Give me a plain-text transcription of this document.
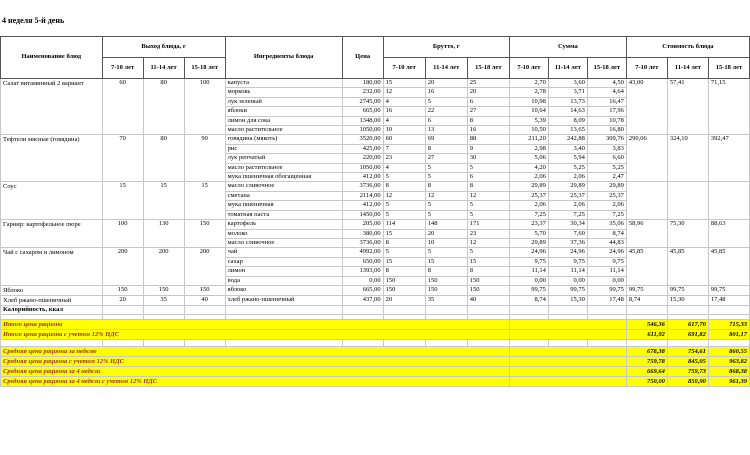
4 неделя 5-й день
Наименование блюд	Выход блюда, г			Ингредиенты блюда	Цена	Брутто, г			Сумма			Стоимость блюда		
	7-10 лет	11-14 лет	15-18 лет			7-10 лет	11-14 лет	15-18 лет	7-10 лет	11-14 лет	15-18 лет	7-10 лет	11-14 лет	15-18 лет
Салат витаминный 2 вариант	60	80	100	капуста	180,00	15	20	25	2,70	3,60	4,50	43,00	57,41	71,15
				морковь	232,00	12	16	20	2,78	3,71	4,64			
				лук зеленый	2745,00	4	5	6	10,98	13,73	16,47			
				яблоки	665,00	16	22	27	10,64	14,63	17,96			
				лимон для сока	1348,00	4	6	8	5,39	8,09	10,78			
				масло растительное	1050,00	10	13	16	10,50	13,65	16,80			
Тефтели мясные (говядина)	70	80	90	говядина (мякоть)	3520,00	60	69	88	211,20	242,88	309,76	290,06	324,10	392,47
				рис	425,00	7	8	9	2,98	3,40	3,83			
				лук репчатый	220,00	23	27	30	5,06	5,94	6,60			
				масло растительное	1050,00	4	5	5	4,20	5,25	5,25			
				мука пшеничная обогащенная	412,00	5	5	6	2,06	2,06	2,47			
Соус	15	15	15	масло сливочное	3736,00	8	8	8	29,89	29,89	29,89			
				сметана	2114,00	12	12	12	25,37	25,37	25,37			
				мука пшеничная	412,00	5	5	5	2,06	2,06	2,06			
				томатная паста	1450,00	5	5	5	7,25	7,25	7,25			
Гарнир: картофельное пюре	100	130	150	картофель	205,00	114	148	171	23,37	30,34	35,06	58,96	75,30	88,63
				молоко	380,00	15	20	23	5,70	7,60	8,74			
				масло сливочное	3736,00	8	10	12	29,89	37,36	44,83			
Чай с сахаром и лимоном	200	200	200	чай	4992,00	5	5	5	24,96	24,96	24,96	45,85	45,85	45,85
				сахар	650,00	15	15	15	9,75	9,75	9,75			
				лимон	1393,00	8	8	8	11,14	11,14	11,14			
				вода	0,00	150	150	150	0,00	0,00	0,00			
Яблоко	150	150	150	яблоко	665,00	150	150	150	99,75	99,75	99,75	99,75	99,75	99,75
Хлеб ржано-пшеничный	20	35	40	хлеб ржано-пшеничный	437,00	20	35	40	8,74	15,30	17,48	8,74	15,30	17,48
Калорийность, ккал														

Итого цена рациона												546,36	617,70	715,33
Итого цена рациона с учетом 12% НДС												611,92	691,82	801,17

Средняя цена рациона за неделю												678,38	754,61	860,55
Средняя цена рациона с учетом 12% НДС												759,78	845,05	963,82
Средняя цена рациона за 4 недели												669,64	759,73	868,38
Средняя цена рациона за 4 недели с учетом 12% НДС												750,00	850,90	961,39
